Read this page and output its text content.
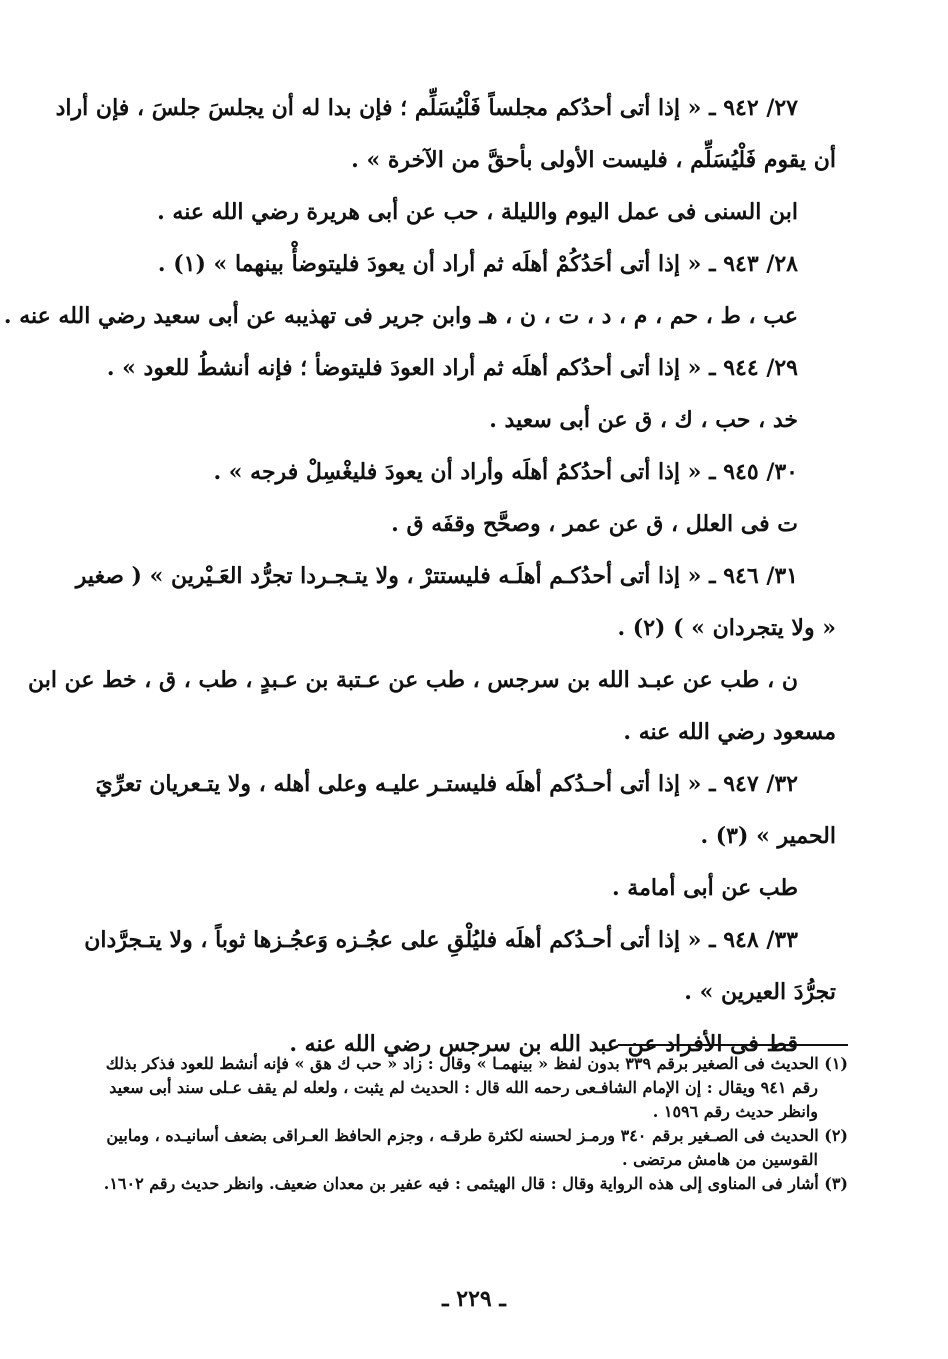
٢٧/ ٩٤٢ ـ « إذا أتى أحدُكم مجلساً فَلْيُسَلِّم ؛ فإن بدا له أن يجلسَ جلسَ ، فإن أراد
أن يقوم فَلْيُسَلِّم ، فليست الأولى بأحقَّ من الآخرة » .
ابن السنى فى عمل اليوم والليلة ، حب عن أبى هريرة رضي الله عنه .
٢٨/ ٩٤٣ ـ « إذا أتى أحَدُكُمْ أهلَه ثم أراد أن يعودَ فليتوضأْ بينهما » (١) .
عب ، ط ، حم ، م ، د ، ت ، ن ، هـ وابن جرير فى تهذيبه عن أبى سعيد رضي الله عنه .
٢٩/ ٩٤٤ ـ « إذا أتى أحدُكم أهلَه ثم أراد العودَ فليتوضأ ؛ فإنه أنشطُ للعود » .
خد ، حب ، ك ، ق عن أبى سعيد .
٣٠/ ٩٤٥ ـ « إذا أتى أحدُكمُ أهلَه وأراد أن يعودَ فليغْسِلْ فرجه » .
ت فى العلل ، ق عن عمر ، وصحَّح وقفَه ق .
٣١/ ٩٤٦ ـ « إذا أتى أحدُكـم أهلَـه فليستترْ ، ولا يتـجـردا تجرُّد العَـيْرين » ( صغير
« ولا يتجردان » ) (٢) .
ن ، طب عن عبـد الله بن سرجس ، طب عن عـتبة بن عـبدٍ ، طب ، ق ، خط عن ابن
مسعود رضي الله عنه .
٣٢/ ٩٤٧ ـ « إذا أتى أحـدُكم أهلَه فليستـر عليـه وعلى أهله ، ولا يتـعريان تعرِّيَ
الحمير » (٣) .
طب عن أبى أمامة .
٣٣/ ٩٤٨ ـ « إذا أتى أحـدُكم أهلَه فليُلْقِ على عجُـزه وَعجُـزها ثوباً ، ولا يتـجرَّدان
تجرُّدَ العيرين » .
قط فى الأفراد عن عبد الله بن سرجس رضي الله عنه .
(١) الحديث فى الصغير برقم ٣٣٩ بدون لفظ « بينهمـا » وقال : زاد « حب ك هق » فإنه أنشط للعود فذكر بذلك
رقم ٩٤١ ويقال : إن الإمام الشافـعى رحمه الله قال : الحديث لم يثبت ، ولعله لم يقف عـلى سند أبى سعيد
وانظر حديث رقم ١٥٩٦ .
(٢) الحديث فى الصـغير برقم ٣٤٠ ورمـز لحسنه لكثرة طرقـه ، وجزم الحافظ العـراقى بضعف أسانيـده ، ومابين
القوسين من هامش مرتضى .
(٣) أشار فى المناوى إلى هذه الرواية وقال : قال الهيثمى : فيه عفير بن معدان ضعيف. وانظر حديث رقم ١٦٠٢.
ـ ٢٢٩ ـ
